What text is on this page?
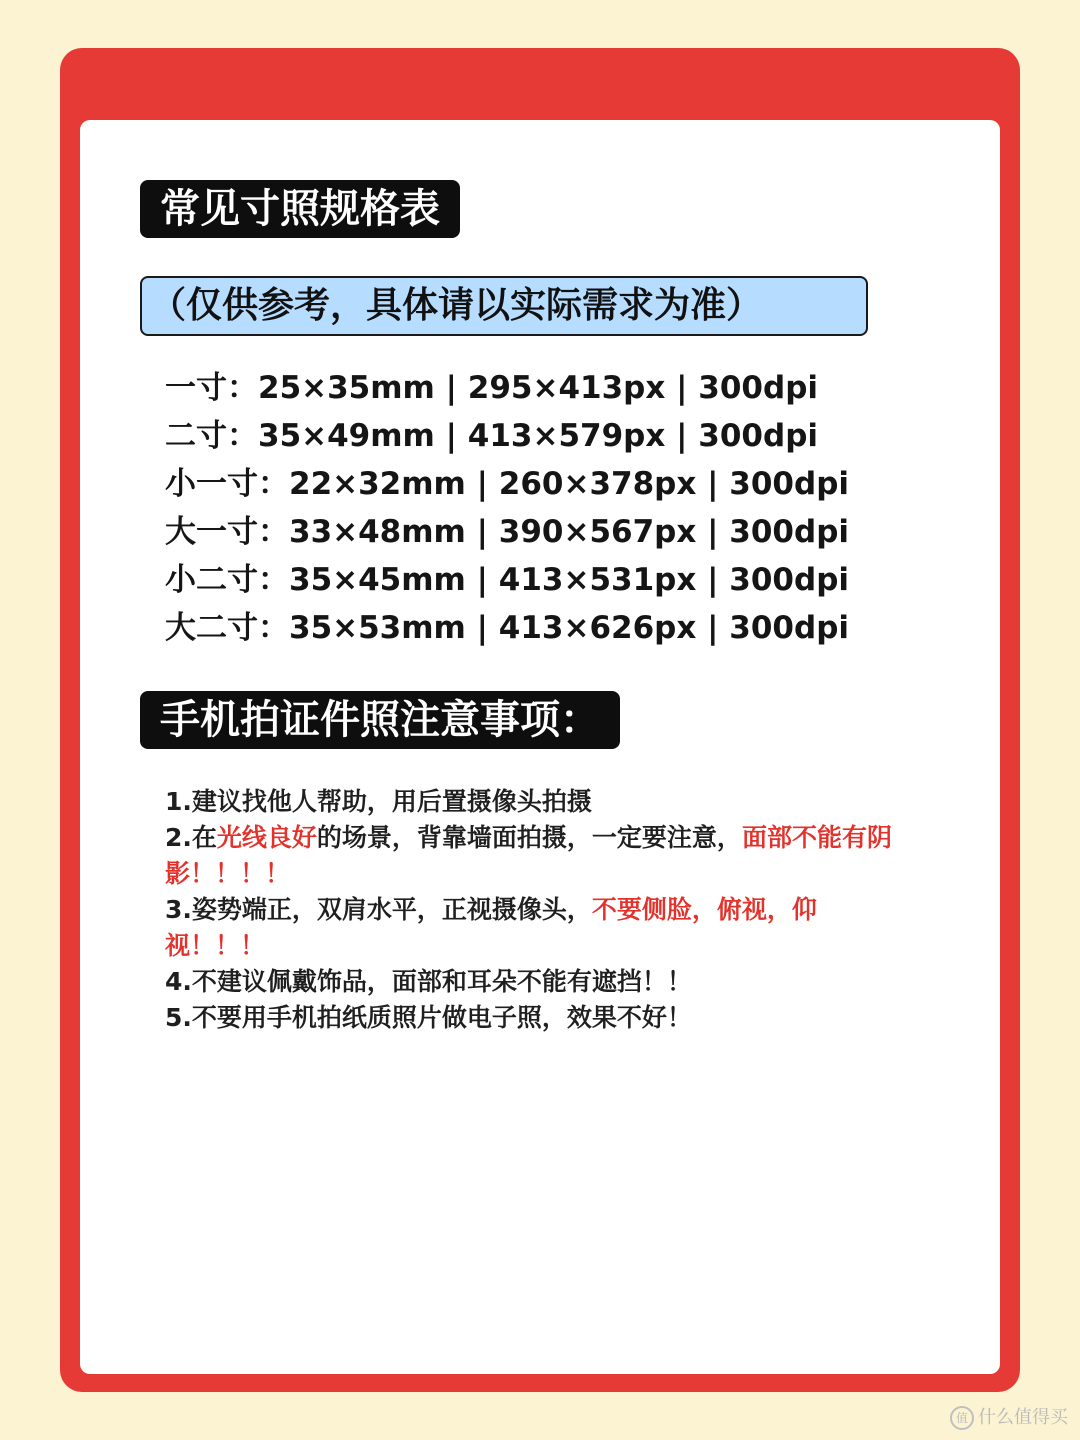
常见寸照规格表
（仅供参考，具体请以实际需求为准）
一寸：25×35mm | 295×413px | 300dpi
二寸：35×49mm | 413×579px | 300dpi
小一寸：22×32mm | 260×378px | 300dpi
大一寸：33×48mm | 390×567px | 300dpi
小二寸：35×45mm | 413×531px | 300dpi
大二寸：35×53mm | 413×626px | 300dpi
手机拍证件照注意事项：

1.建议找他人帮助，用后置摄像头拍摄

2.在光线良好的场景，背靠墙面拍摄，一定要注意，面部不能有阴影！！！！

3.姿势端正，双肩水平，正视摄像头，不要侧脸，俯视，仰视！！！

4.不建议佩戴饰品，面部和耳朵不能有遮挡！！

5.不要用手机拍纸质照片做电子照，效果不好！

值 什么值得买
